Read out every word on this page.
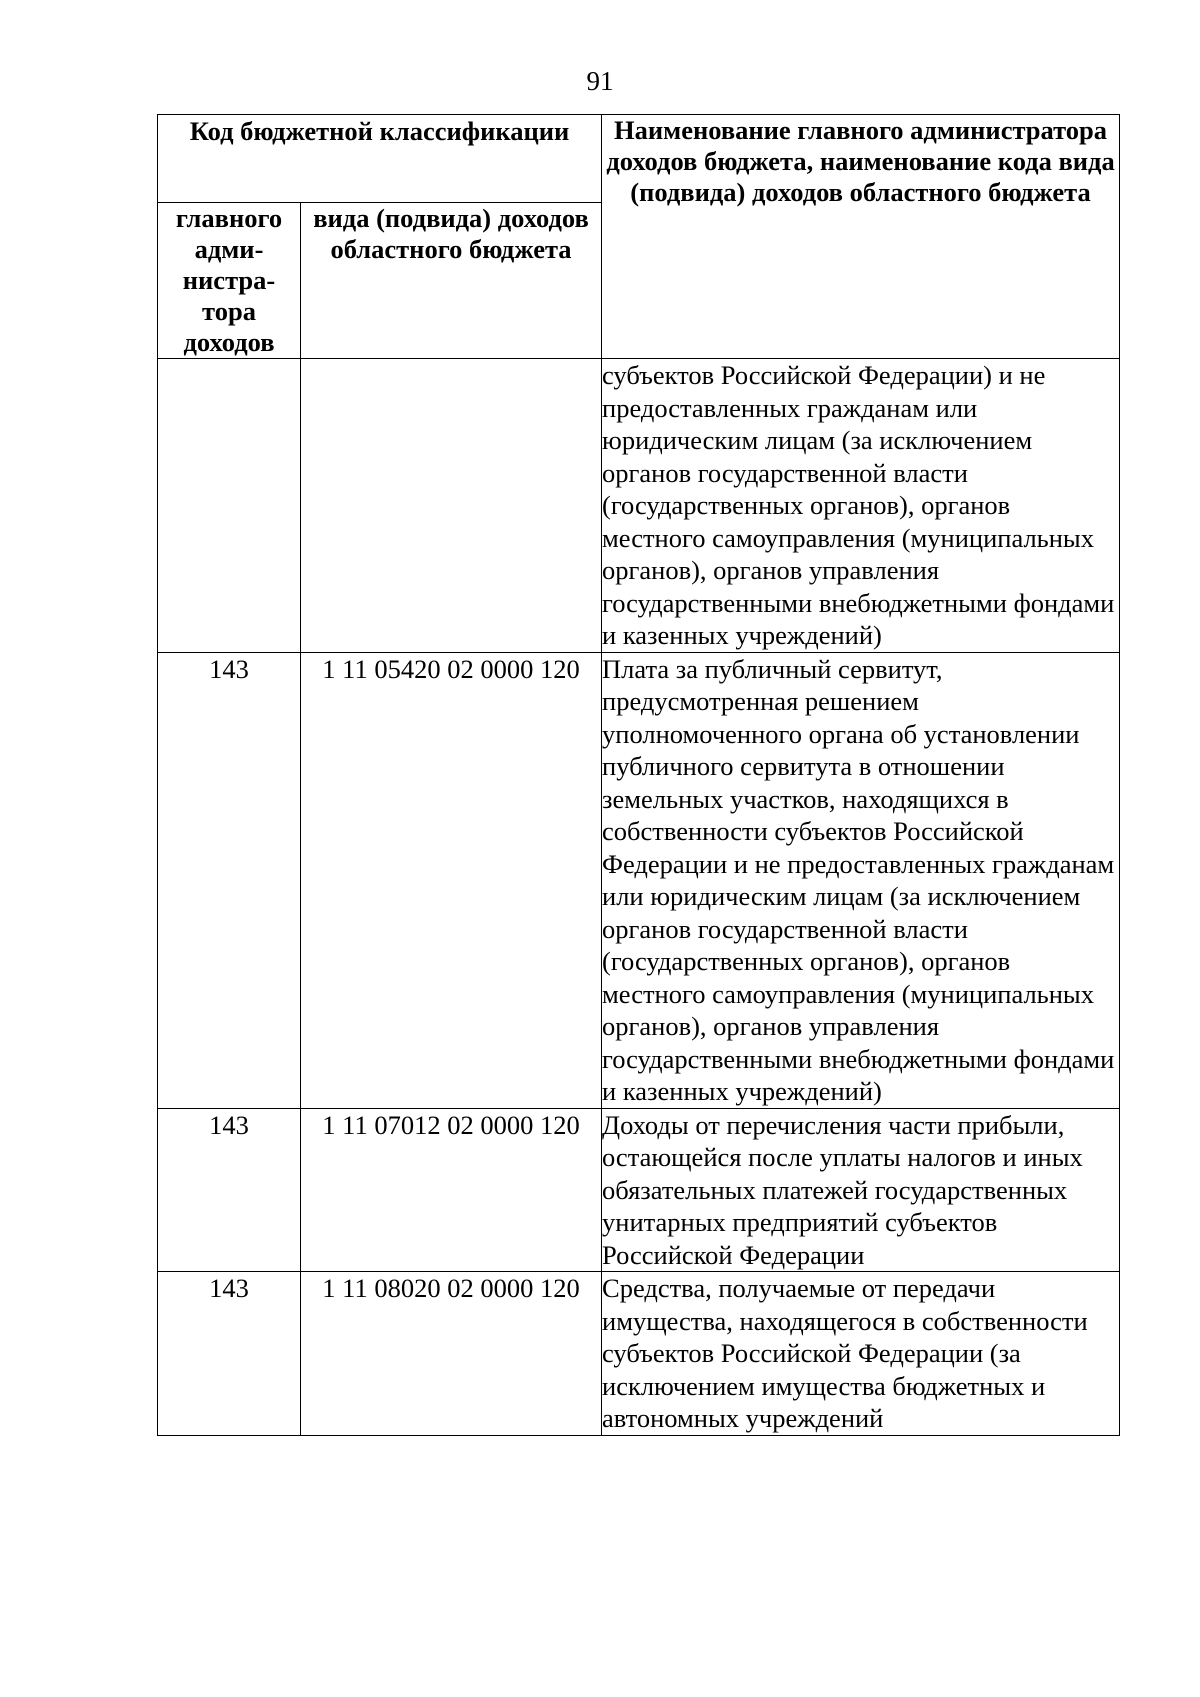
91
Код бюджетной классификации		Наименование главного администратора доходов бюджета, наименование кода вида (подвида) доходов областного бюджета
главного адми- нистра- тора доходов	вида (подвида) доходов областного бюджета	
		субъектов Российской Федерации) и не предоставленных гражданам или юридическим лицам (за исключением органов государственной власти (государственных органов), органов местного самоуправления (муниципальных органов), органов управления государственными внебюджетными фондами и казенных учреждений)
143	1 11 05420 02 0000 120	Плата за публичный сервитут, предусмотренная решением уполномоченного органа об установлении публичного сервитута в отношении земельных участков, находящихся в собственности субъектов Российской Федерации и не предоставленных гражданам или юридическим лицам (за исключением органов государственной власти (государственных органов), органов местного самоуправления (муниципальных органов), органов управления государственными внебюджетными фондами и казенных учреждений)
143	1 11 07012 02 0000 120	Доходы от перечисления части прибыли, остающейся после уплаты налогов и иных обязательных платежей государственных унитарных предприятий субъектов Российской Федерации
143	1 11 08020 02 0000 120	Средства, получаемые от передачи имущества, находящегося в собственности субъектов Российской Федерации (за исключением имущества бюджетных и автономных учреждений
